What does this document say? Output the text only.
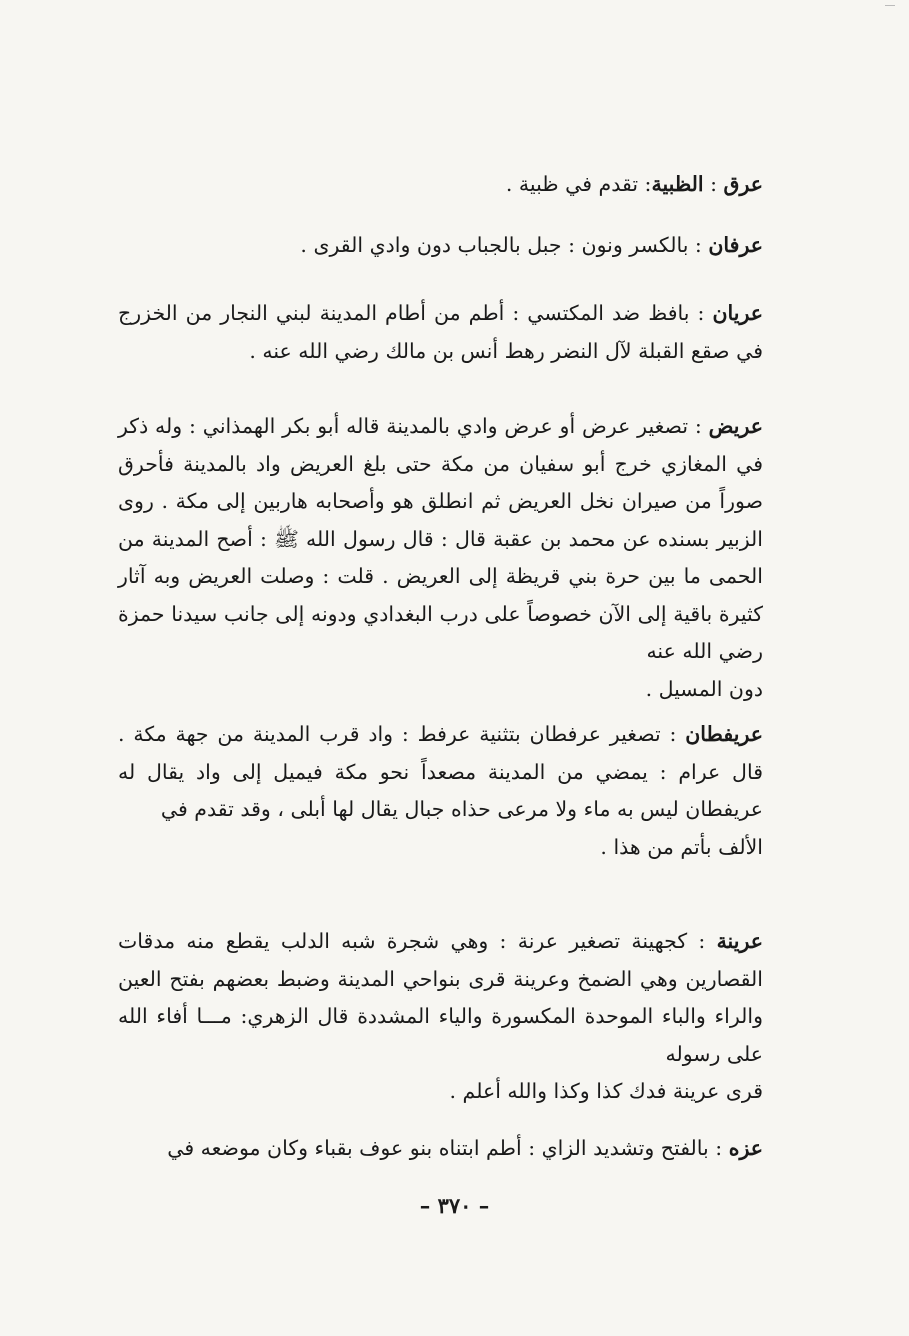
عرق : الظبية: تقدم في ظبية .
عرفان : بالكسر ونون : جبل بالجباب دون وادي القرى .
عريان : بافظ ضد المكتسي : أطم من أطام المدينة لبني النجار من الخزرج في صقع القبلة لآل النضر رهط أنس بن مالك رضي الله عنه .
عريض : تصغير عرض أو عرض وادي بالمدينة قاله أبو بكر الهمذاني : وله ذكر في المغازي خرج أبو سفيان من مكة حتى بلغ العريض واد بالمدينة فأحرق صوراً من صيران نخل العريض ثم انطلق هو وأصحابه هاربين إلى مكة . روى الزبير بسنده عن محمد بن عقبة قال : قال رسول الله ﷺ : أصح المدينة من الحمى ما بين حرة بني قريظة إلى العريض . قلت : وصلت العريض وبه آثار كثيرة باقية إلى الآن خصوصاً على درب البغدادي ودونه إلى جانب سيدنا حمزة رضي الله عنه
دون المسيل .
عريفطان : تصغير عرفطان بتثنية عرفط : واد قرب المدينة من جهة مكة . قال عرام : يمضي من المدينة مصعداً نحو مكة فيميل إلى واد يقال له عريفطان ليس به ماء ولا مرعى حذاه جبال يقال لها أبلى ، وقد تقدم في
الألف بأتم من هذا .
عرينة : كجهينة تصغير عرنة : وهي شجرة شبه الدلب يقطع منه مدقات القصارين وهي الضمخ وعرينة قرى بنواحي المدينة وضبط بعضهم بفتح العين والراء والباء الموحدة المكسورة والياء المشددة قال الزهري: مـــا أفاء الله على رسوله
قرى عرينة فدك كذا وكذا والله أعلم .
عزه : بالفتح وتشديد الزاي : أطم ابتناه بنو عوف بقباء وكان موضعه في
– ٣٧٠ –
